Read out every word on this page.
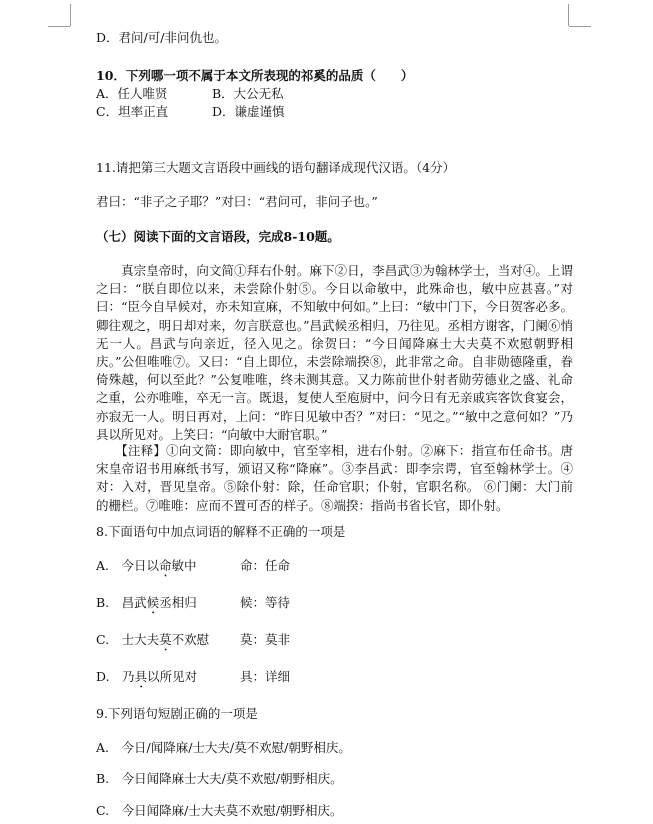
D．君问/可/非问仇也。
10．下列哪一项不属于本文所表现的祁奚的品质（　　）
A．任人唯贤	B．大公无私
C．坦率正直	D．谦虚谨慎
11.请把第三大题文言语段中画线的语句翻译成现代汉语。（4分）
君曰：“非子之子耶？”对曰：“君问可，非问子也。”
（七）阅读下面的文言语段，完成8-10题。
　　真宗皇帝时，向文简①拜右仆射。麻下②日，李昌武③为翰林学士，当对④。上谓之曰：“朕自即位以来，未尝除仆射⑤。今日以命敏中，此殊命也，敏中应甚喜。”对曰：“臣今自早候对，亦未知宣麻，不知敏中何如。”上曰：“敏中门下，今日贺客必多。卿往观之，明日却对来，勿言朕意也。”昌武候丞相归，乃往见。丞相方谢客，门阑⑥悄无一人。昌武与向亲近，径入见之。徐贺曰：“今日闻降麻士大夫莫不欢慰朝野相庆。”公但唯唯⑦。又曰：“自上即位，未尝除端揆⑧，此非常之命。自非勋德隆重，眷倚殊越，何以至此？”公复唯唯，终未测其意。又力陈前世仆射者勋劳德业之盛、礼命之重，公亦唯唯，卒无一言。既退，复使人至庖厨中，问今日有无亲戚宾客饮食宴会，亦寂无一人。明日再对，上问：“昨日见敏中否？”对曰：“见之。”“敏中之意何如？”乃具以所见对。上笑曰：“向敏中大耐官职。”
　　【注释】①向文简：即向敏中，官至宰相，进右仆射。②麻下：指宣布任命书。唐宋皇帝诏书用麻纸书写，颁诏又称“降麻”。③李昌武：即李宗谔，官至翰林学士。④对：入对，晋见皇帝。⑤除仆射：除，任命官职；仆射，官职名称。 ⑥门阑：大门前的栅栏。⑦唯唯：应而不置可否的样子。⑧端揆：指尚书省长官，即仆射。
8.下面语句中加点词语的解释不正确的一项是
A.　今日以命敏中	命：任命
B.　昌武候丞相归	候：等待
C.　士大夫莫不欢慰 莫：莫非
D.　乃具以所见对	具：详细
9.下列语句短剧正确的一项是
A.　今日/闻降麻/士大夫/莫不欢慰/朝野相庆。
B.　今日闻降麻士大夫/莫不欢慰/朝野相庆。
C.　今日闻降麻/士大夫莫不欢慰/朝野相庆。
